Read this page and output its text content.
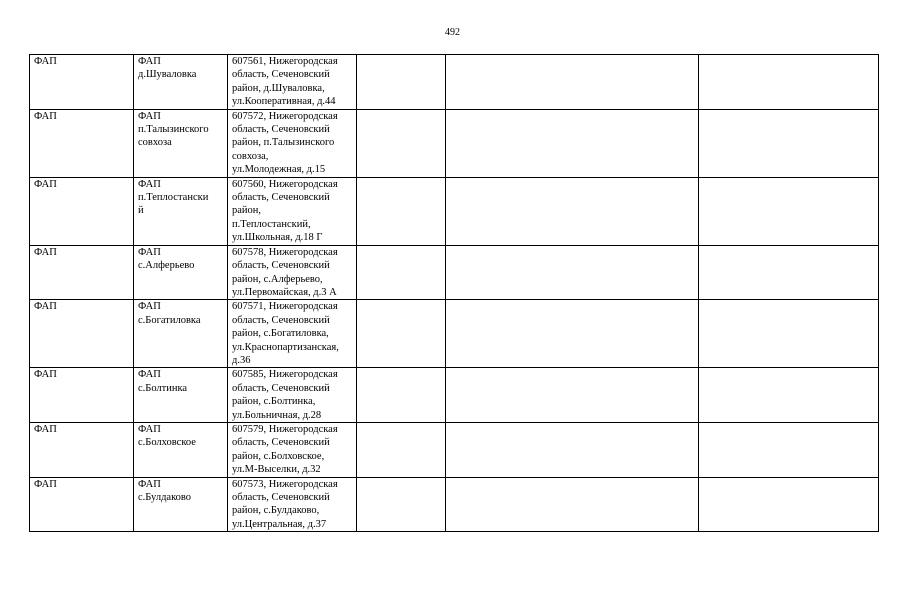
492
ФАП	ФАП
д.Шуваловка	607561, Нижегородская
область, Сеченовский
район, д.Шуваловка,
ул.Кооперативная, д.44			
ФАП	ФАП
п.Талызинского
совхоза	607572, Нижегородская
область, Сеченовский
район, п.Талызинского
совхоза,
ул.Молодежная, д.15			
ФАП	ФАП
п.Теплостански
й	607560, Нижегородская
область, Сеченовский
район,
п.Теплостанский,
ул.Школьная, д.18 Г			
ФАП	ФАП
с.Алферьево	607578, Нижегородская
область, Сеченовский
район, с.Алферьево,
ул.Первомайская, д.3 А			
ФАП	ФАП
с.Богатиловка	607571, Нижегородская
область, Сеченовский
район, с.Богатиловка,
ул.Краснопартизанская,
д.36			
ФАП	ФАП
с.Болтинка	607585, Нижегородская
область, Сеченовский
район, с.Болтинка,
ул.Больничная, д.28			
ФАП	ФАП
с.Болховское	607579, Нижегородская
область, Сеченовский
район, с.Болховское,
ул.М-Выселки, д.32			
ФАП	ФАП
с.Булдаково	607573, Нижегородская
область, Сеченовский
район, с.Булдаково,
ул.Центральная, д.37			
